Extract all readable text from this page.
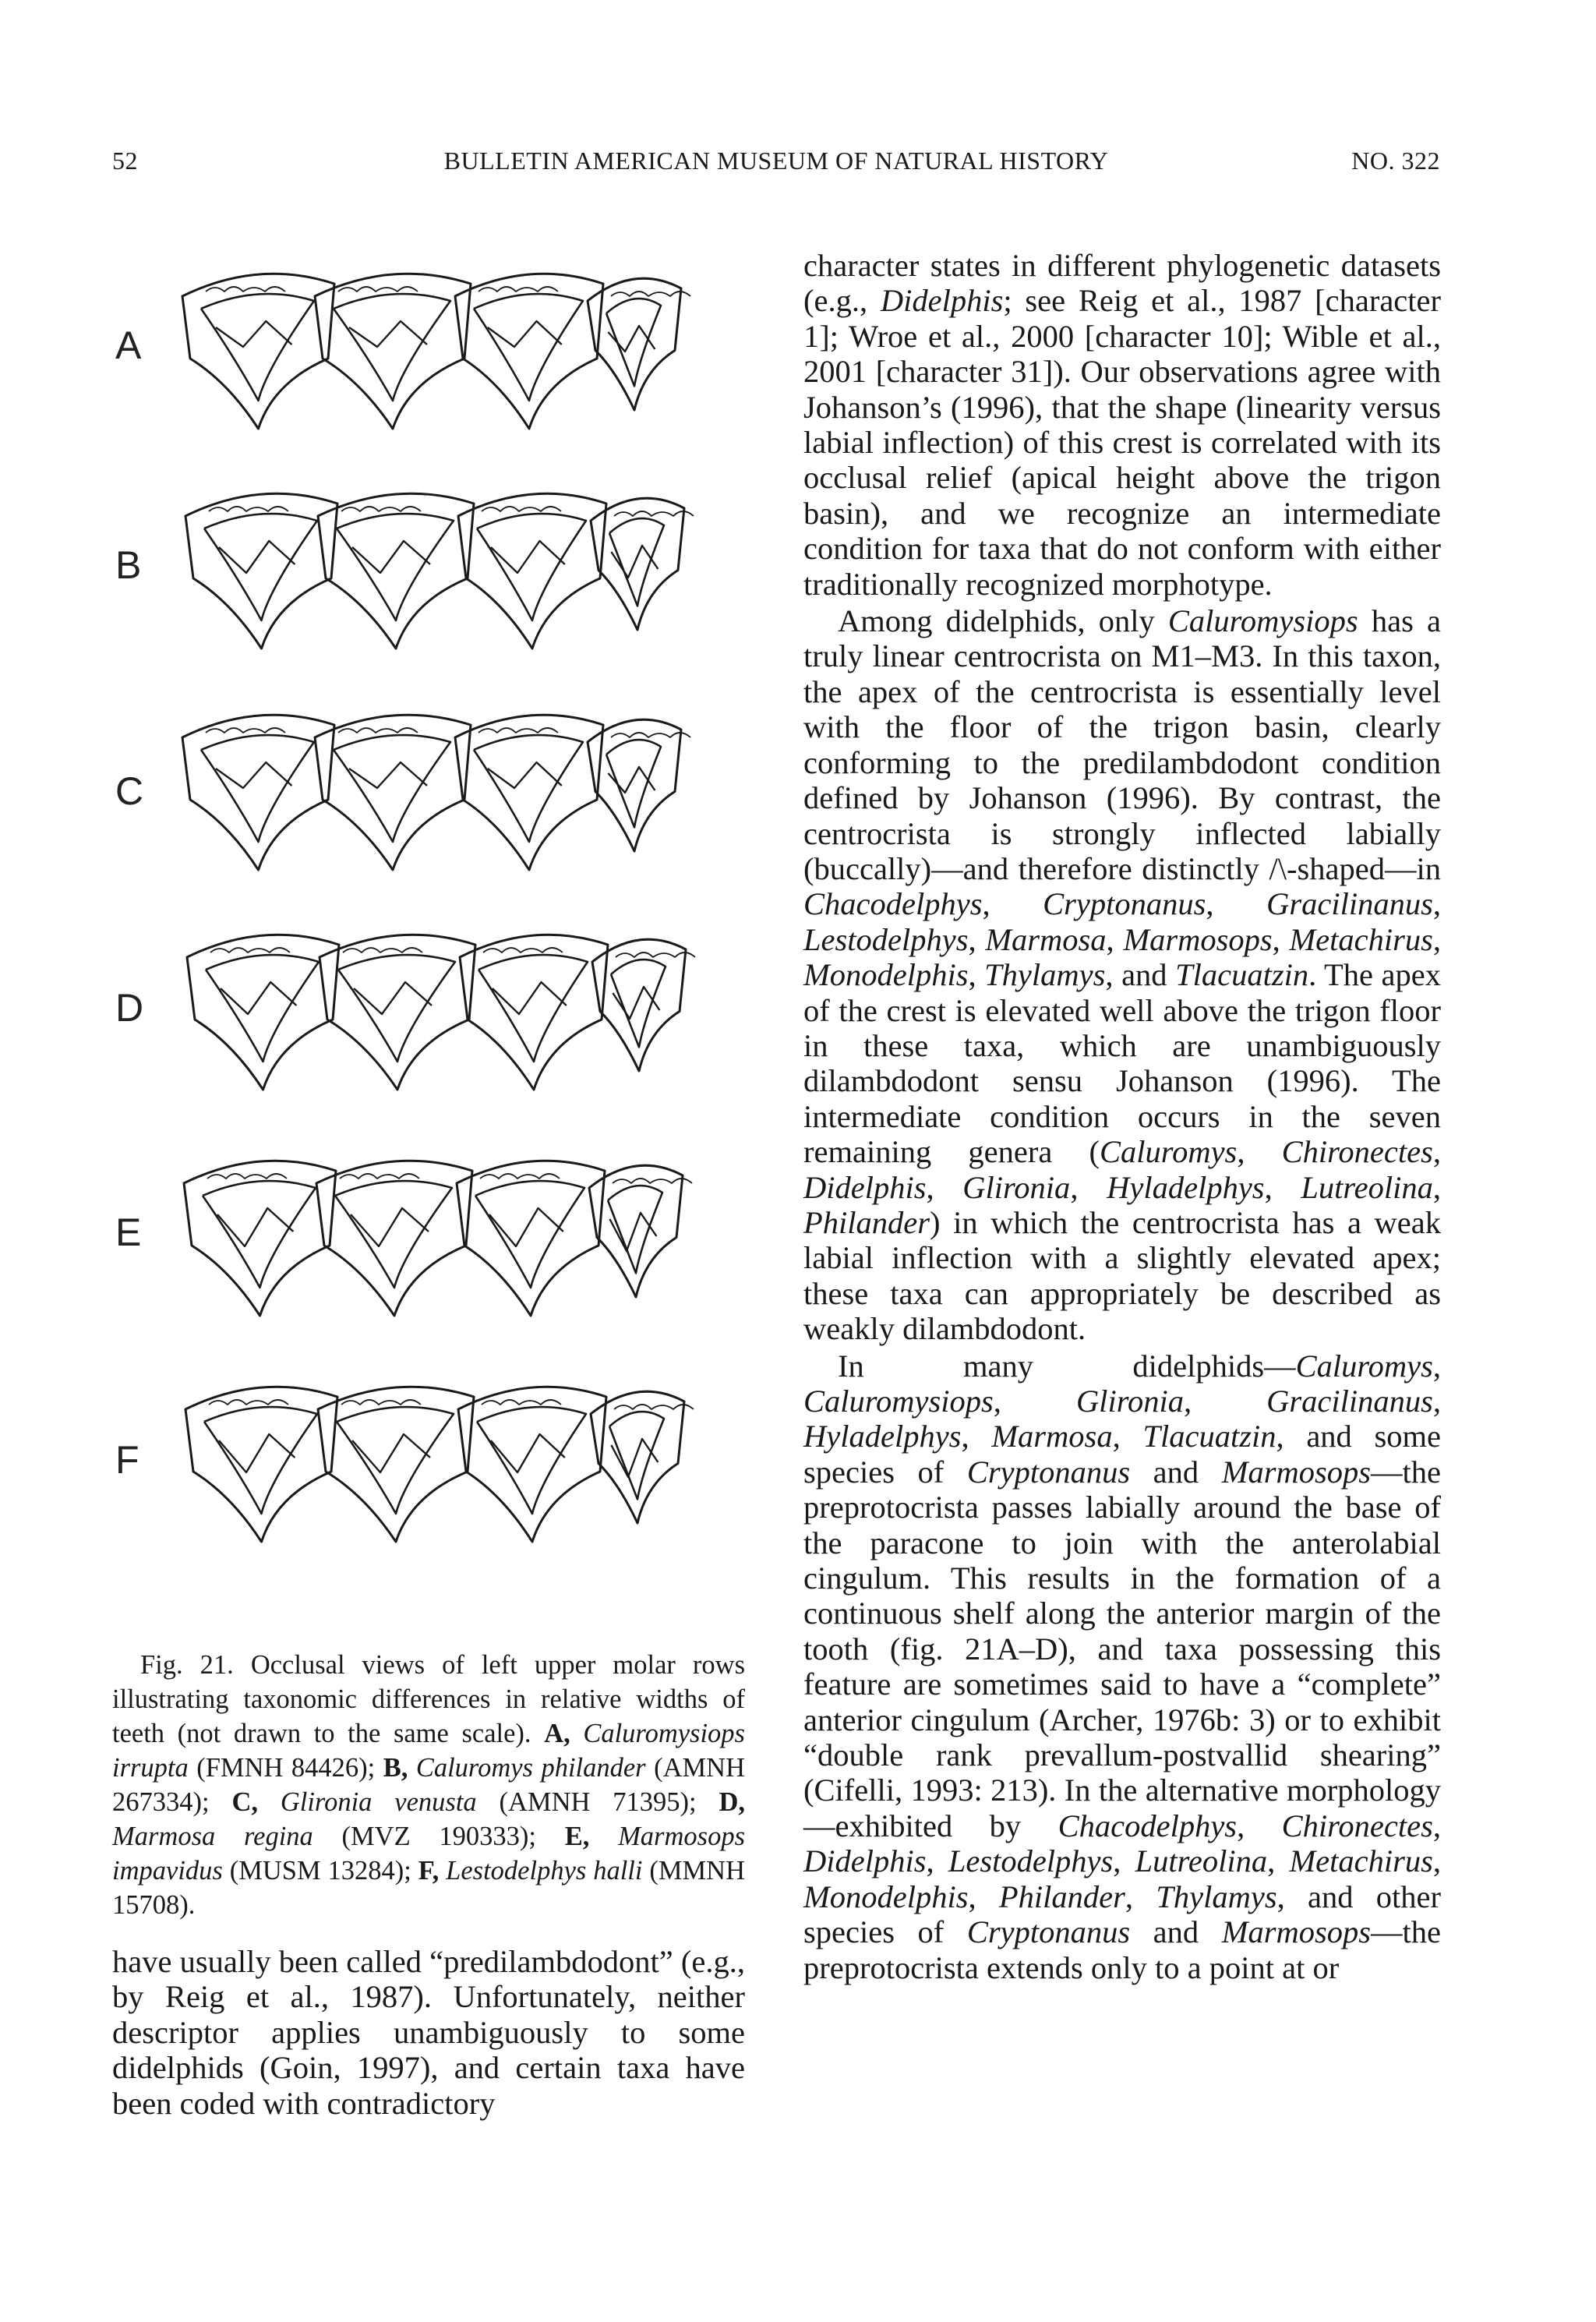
52	BULLETIN AMERICAN MUSEUM OF NATURAL HISTORY	NO. 322
A
B
C
D
E
F
Fig. 21. Occlusal views of left upper molar rows illustrating taxonomic differences in relative widths of teeth (not drawn to the same scale). A, Caluromysiops irrupta (FMNH 84426); B, Caluromys philander (AMNH 267334); C, Glironia venusta (AMNH 71395); D, Marmosa regina (MVZ 190333); E, Marmosops impavidus (MUSM 13284); F, Lestodelphys halli (MMNH 15708).

have usually been called “predilambdodont” (e.g., by Reig et al., 1987). Unfortunately, neither descriptor applies unambiguously to some didelphids (Goin, 1997), and certain taxa have been coded with contradictory

character states in different phylogenetic datasets (e.g., Didelphis; see Reig et al., 1987 [character 1]; Wroe et al., 2000 [character 10]; Wible et al., 2001 [character 31]). Our observations agree with Johanson’s (1996), that the shape (linearity versus labial inflection) of this crest is correlated with its occlusal relief (apical height above the trigon basin), and we recognize an intermediate condition for taxa that do not conform with either traditionally recognized morphotype.

Among didelphids, only Caluromysiops has a truly linear centrocrista on M1–M3. In this taxon, the apex of the centrocrista is essentially level with the floor of the trigon basin, clearly conforming to the predilambdodont condition defined by Johanson (1996). By contrast, the centrocrista is strongly inflected labially (buccally)—and therefore distinctly /\-shaped—in Chacodelphys, Cryptonanus, Gracilinanus, Lestodelphys, Marmosa, Marmosops, Metachirus, Monodelphis, Thylamys, and Tlacuatzin. The apex of the crest is elevated well above the trigon floor in these taxa, which are unambiguously dilambdodont sensu Johanson (1996). The intermediate condition occurs in the seven remaining genera (Caluromys, Chironectes, Didelphis, Glironia, Hyladelphys, Lutreolina, Philander) in which the centrocrista has a weak labial inflection with a slightly elevated apex; these taxa can appropriately be described as weakly dilambdodont.

In many didelphids—Caluromys, Caluromysiops, Glironia, Gracilinanus, Hyladelphys, Marmosa, Tlacuatzin, and some species of Cryptonanus and Marmosops—the preprotocrista passes labially around the base of the paracone to join with the anterolabial cingulum. This results in the formation of a continuous shelf along the anterior margin of the tooth (fig. 21A–D), and taxa possessing this feature are sometimes said to have a “complete” anterior cingulum (Archer, 1976b: 3) or to exhibit “double rank prevallum-postvallid shearing” (Cifelli, 1993: 213). In the alternative morphology—exhibited by Chacodelphys, Chironectes, Didelphis, Lestodelphys, Lutreolina, Metachirus, Monodelphis, Philander, Thylamys, and other species of Cryptonanus and Marmosops—the preprotocrista extends only to a point at or
